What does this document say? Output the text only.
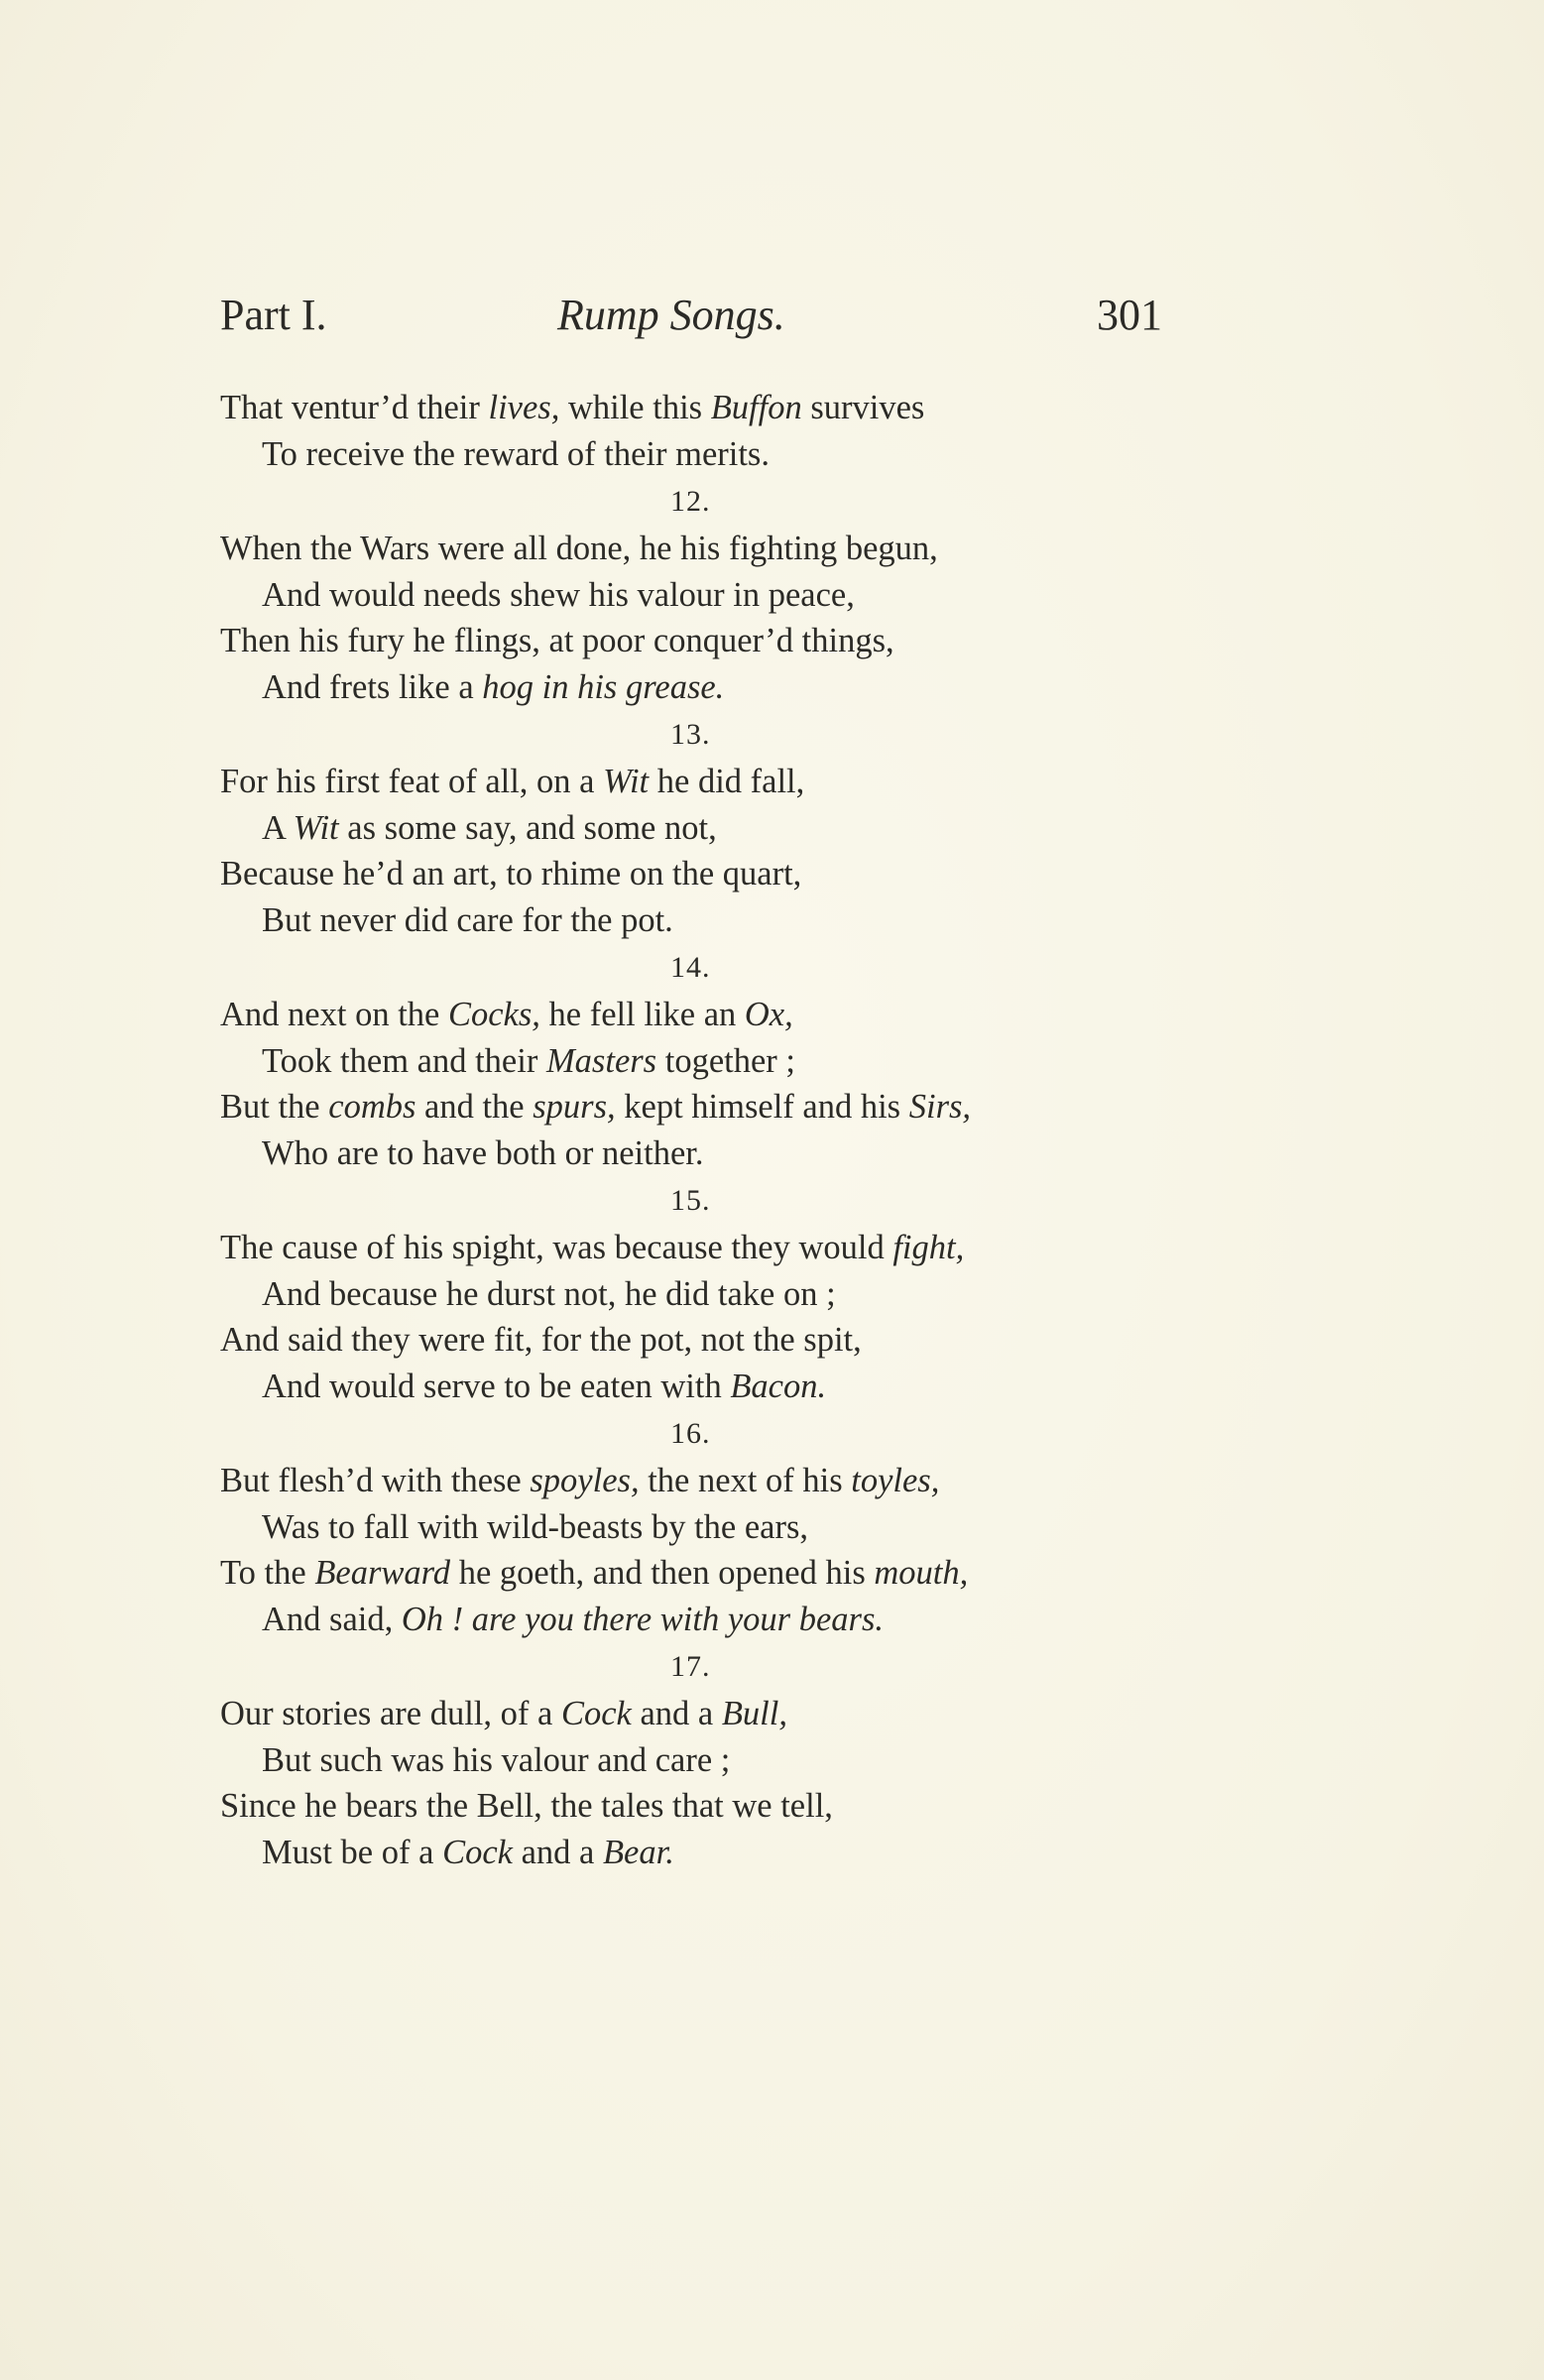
Part I.	Rump Songs.	301
That ventur’d their lives, while this Buffon survives
To receive the reward of their merits.
12.
When the Wars were all done, he his fighting begun,
And would needs shew his valour in peace,
Then his fury he flings, at poor conquer’d things,
And frets like a hog in his grease.
13.
For his first feat of all, on a Wit he did fall,
A Wit as some say, and some not,
Because he’d an art, to rhime on the quart,
But never did care for the pot.
14.
And next on the Cocks, he fell like an Ox,
Took them and their Masters together ;
But the combs and the spurs, kept himself and his Sirs,
Who are to have both or neither.
15.
The cause of his spight, was because they would fight,
And because he durst not, he did take on ;
And said they were fit, for the pot, not the spit,
And would serve to be eaten with Bacon.
16.
But flesh’d with these spoyles, the next of his toyles,
Was to fall with wild-beasts by the ears,
To the Bearward he goeth, and then opened his mouth,
And said, Oh ! are you there with your bears.
17.
Our stories are dull, of a Cock and a Bull,
But such was his valour and care ;
Since he bears the Bell, the tales that we tell,
Must be of a Cock and a Bear.
